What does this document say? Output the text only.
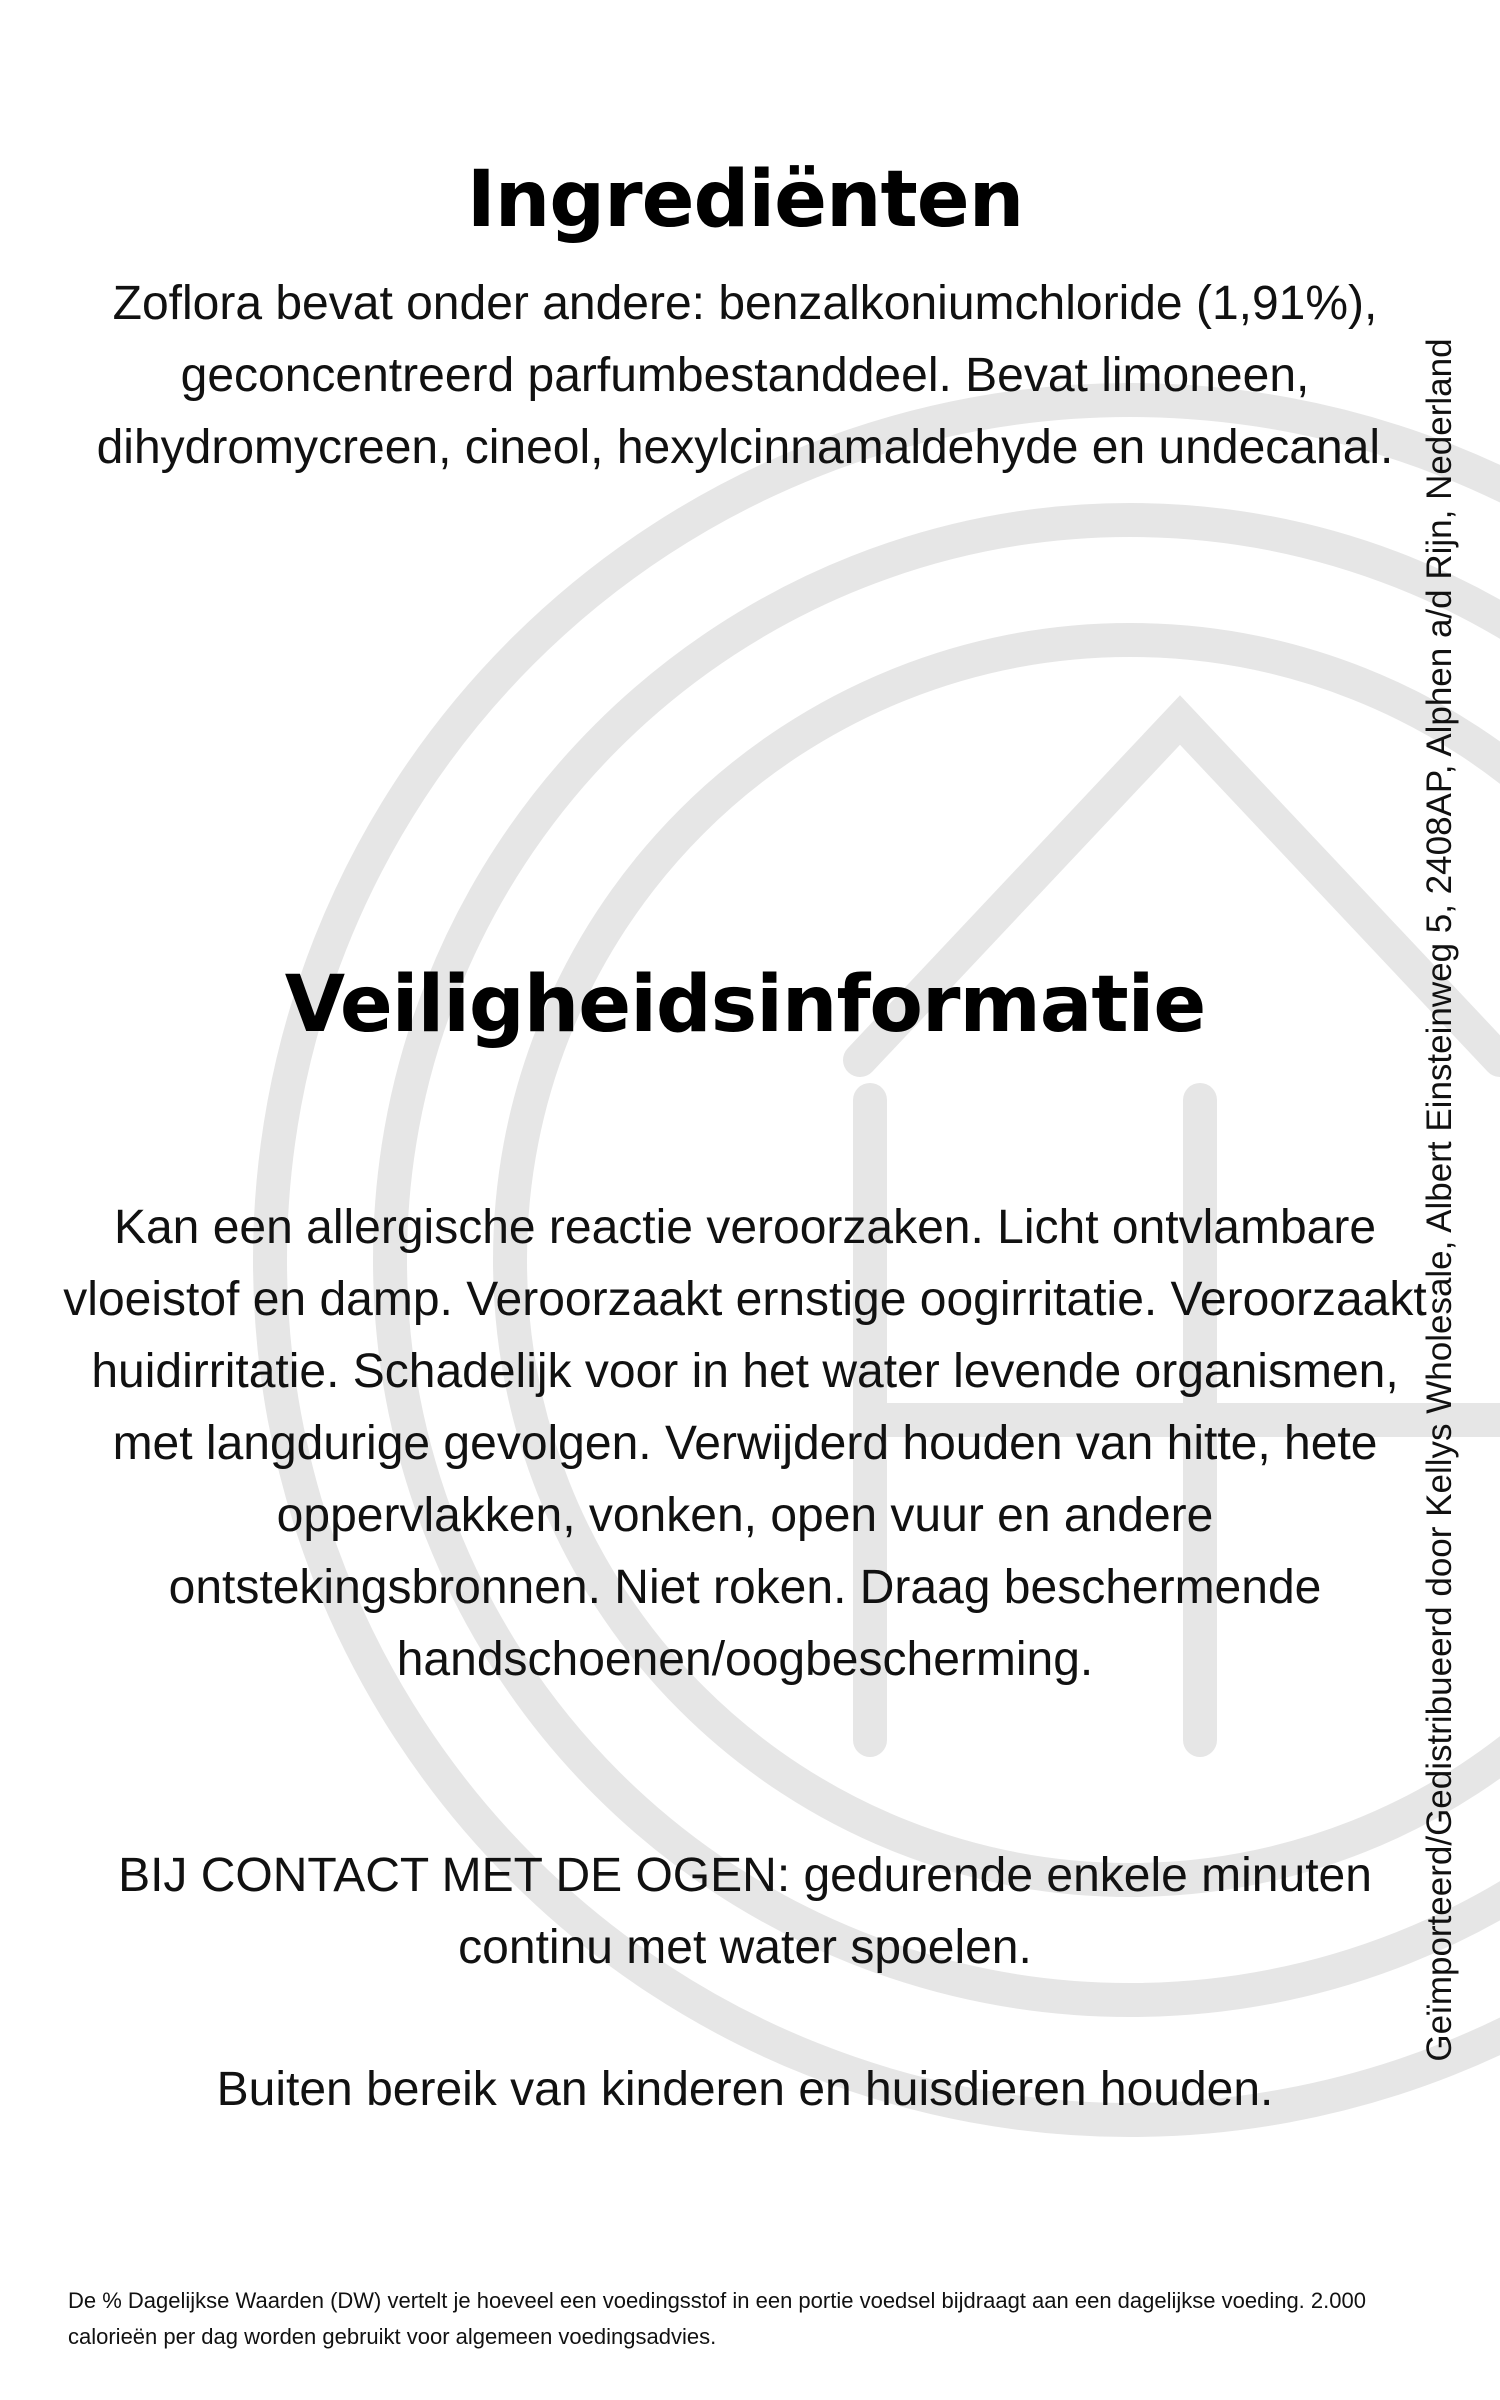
Ingrediënten

Zoflora bevat onder andere: benzalkoniumchloride (1,91%), geconcentreerd parfumbestanddeel. Bevat limoneen, dihydromycreen, cineol, hexylcinnamaldehyde en undecanal.

Veiligheidsinformatie

Kan een allergische reactie veroorzaken. Licht ontvlambare vloeistof en damp. Veroorzaakt ernstige oogirritatie. Veroorzaakt huidirritatie. Schadelijk voor in het water levende organismen, met langdurige gevolgen. Verwijderd houden van hitte, hete oppervlakken, vonken, open vuur en andere ontstekingsbronnen. Niet roken. Draag beschermende handschoenen/oogbescherming.

BIJ CONTACT MET DE OGEN: gedurende enkele minuten continu met water spoelen.

Buiten bereik van kinderen en huisdieren houden.

De % Dagelijkse Waarden (DW) vertelt je hoeveel een voedingsstof in een portie voedsel bijdraagt aan een dagelijkse voeding. 2.000 calorieën per dag worden gebruikt voor algemeen voedingsadvies.

Geïmporteerd/Gedistribueerd door Kellys Wholesale, Albert Einsteinweg 5, 2408AP, Alphen a/d Rijn, Nederland
